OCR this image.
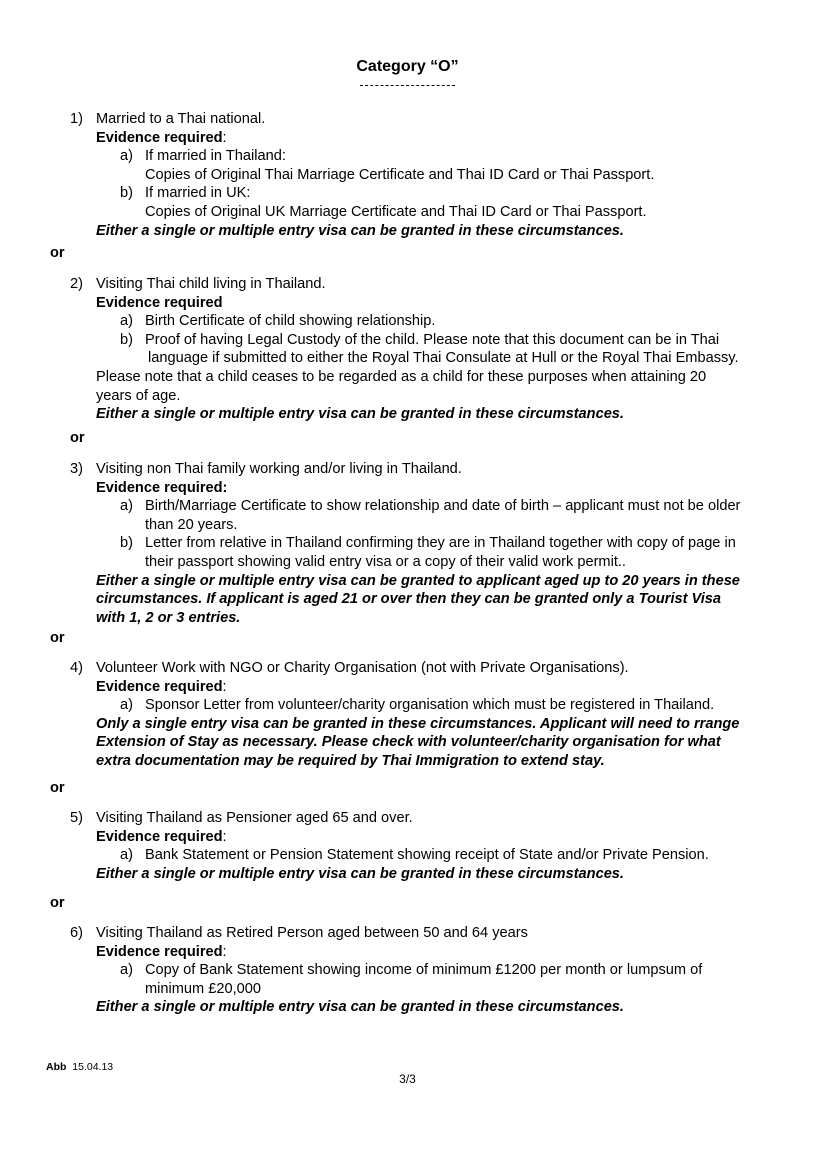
Category “O”
1) Married to a Thai national.
Evidence required:
a) If married in Thailand:
Copies of Original Thai Marriage Certificate and Thai ID Card or Thai Passport.
b) If married in UK:
Copies of Original UK Marriage Certificate and Thai ID Card or Thai Passport.
Either a single or multiple entry visa can be granted in these circumstances.
2) Visiting Thai child living in Thailand.
Evidence required
a) Birth Certificate of child showing relationship.
b) Proof of having Legal Custody of the child. Please note that this document can be in Thai
language if submitted to either the Royal Thai Consulate at Hull or the Royal Thai Embassy.
Please note that a child ceases to be regarded as a child for these purposes when attaining 20
years of age.
Either a single or multiple entry visa can be granted in these circumstances.
3) Visiting non Thai family working and/or living in Thailand.
Evidence required:
a) Birth/Marriage Certificate to show relationship and date of birth – applicant must not be older
than 20 years.
b) Letter from relative in Thailand confirming they are in Thailand together with copy of page in
their passport showing valid entry visa or a copy of their valid work permit..
Either a single or multiple entry visa can be granted to applicant aged up to 20 years in these
circumstances. If applicant is aged 21 or over then they can be granted only a Tourist Visa
with 1, 2 or 3 entries.
4) Volunteer Work with NGO or Charity Organisation (not with Private Organisations).
Evidence required:
a) Sponsor Letter from volunteer/charity organisation which must be registered in Thailand.
Only a single entry visa can be granted in these circumstances. Applicant will need to rrange
Extension of Stay as necessary. Please check with volunteer/charity organisation for what
extra documentation may be required by Thai Immigration to extend stay.
5) Visiting Thailand as Pensioner aged 65 and over.
Evidence required:
a) Bank Statement or Pension Statement showing receipt of State and/or Private Pension.
Either a single or multiple entry visa can be granted in these circumstances.
6) Visiting Thailand as Retired Person aged between 50 and 64 years
Evidence required:
a) Copy of Bank Statement showing income of minimum £1200 per month or lumpsum of
minimum £20,000
Either a single or multiple entry visa can be granted in these circumstances.
or
or
or
or
or
Abb 15.04.13
3/3
